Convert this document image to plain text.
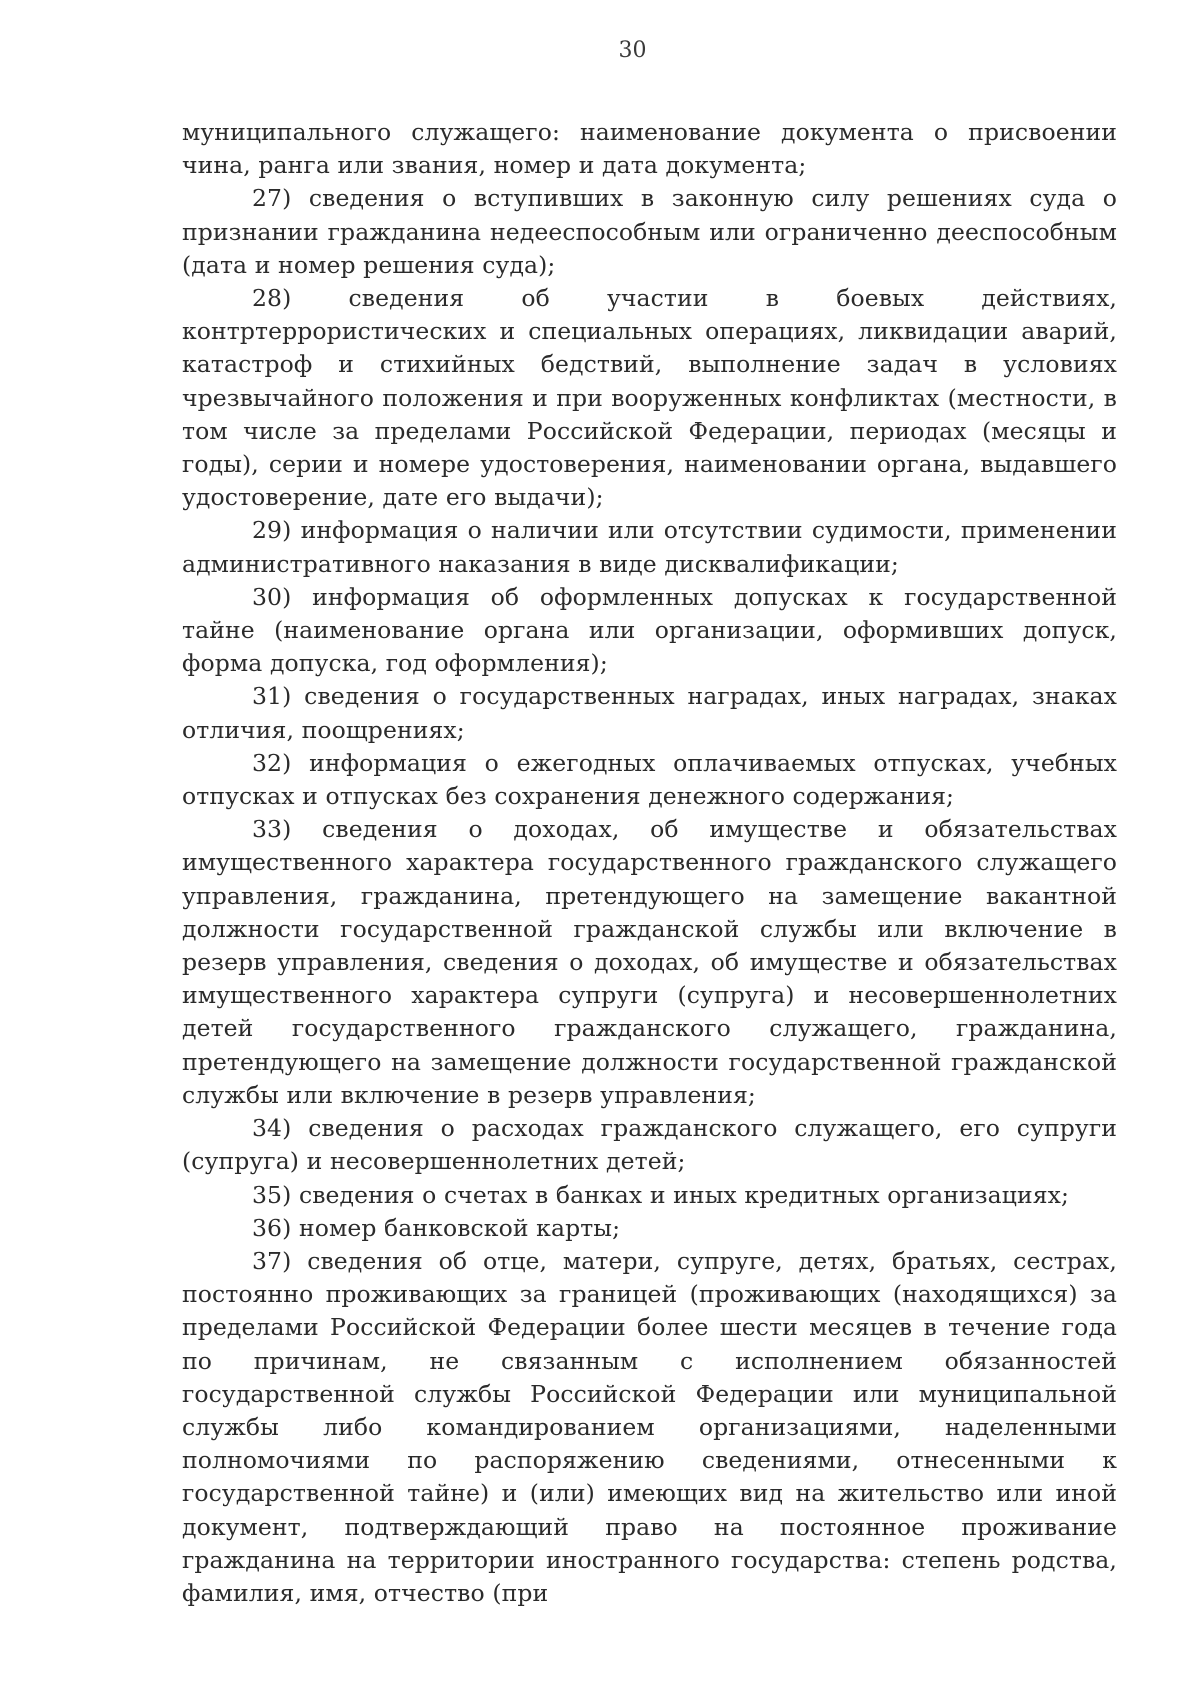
30

муниципального служащего: наименование документа о присвоении чина, ранга или звания, номер и дата документа;

27) сведения о вступивших в законную силу решениях суда о признании гражданина недееспособным или ограниченно дееспособным (дата и номер решения суда);

28) сведения об участии в боевых действиях, контртеррористических и специальных операциях, ликвидации аварий, катастроф и стихийных бедствий, выполнение задач в условиях чрезвычайного положения и при вооруженных конфликтах (местности, в том числе за пределами Российской Федерации, периодах (месяцы и годы), серии и номере удостоверения, наименовании органа, выдавшего удостоверение, дате его выдачи);

29) информация о наличии или отсутствии судимости, применении административного наказания в виде дисквалификации;

30) информация об оформленных допусках к государственной тайне (наименование органа или организации, оформивших допуск, форма допуска, год оформления);

31) сведения о государственных наградах, иных наградах, знаках отличия, поощрениях;

32) информация о ежегодных оплачиваемых отпусках, учебных отпусках и отпусках без сохранения денежного содержания;

33) сведения о доходах, об имуществе и обязательствах имущественного характера государственного гражданского служащего управления, гражданина, претендующего на замещение вакантной должности государственной гражданской службы или включение в резерв управления, сведения о доходах, об имуществе и обязательствах имущественного характера супруги (супруга) и несовершеннолетних детей государственного гражданского служащего, гражданина, претендующего на замещение должности государственной гражданской службы или включение в резерв управления;

34) сведения о расходах гражданского служащего, его супруги (супруга) и несовершеннолетних детей;

35) сведения о счетах в банках и иных кредитных организациях;

36) номер банковской карты;

37) сведения об отце, матери, супруге, детях, братьях, сестрах, постоянно проживающих за границей (проживающих (находящихся) за пределами Российской Федерации более шести месяцев в течение года по причинам, не связанным с исполнением обязанностей государственной службы Российской Федерации или муниципальной службы либо командированием организациями, наделенными полномочиями по распоряжению сведениями, отнесенными к государственной тайне) и (или) имеющих вид на жительство или иной документ, подтверждающий право на постоянное проживание гражданина на территории иностранного государства: степень родства, фамилия, имя, отчество (при
